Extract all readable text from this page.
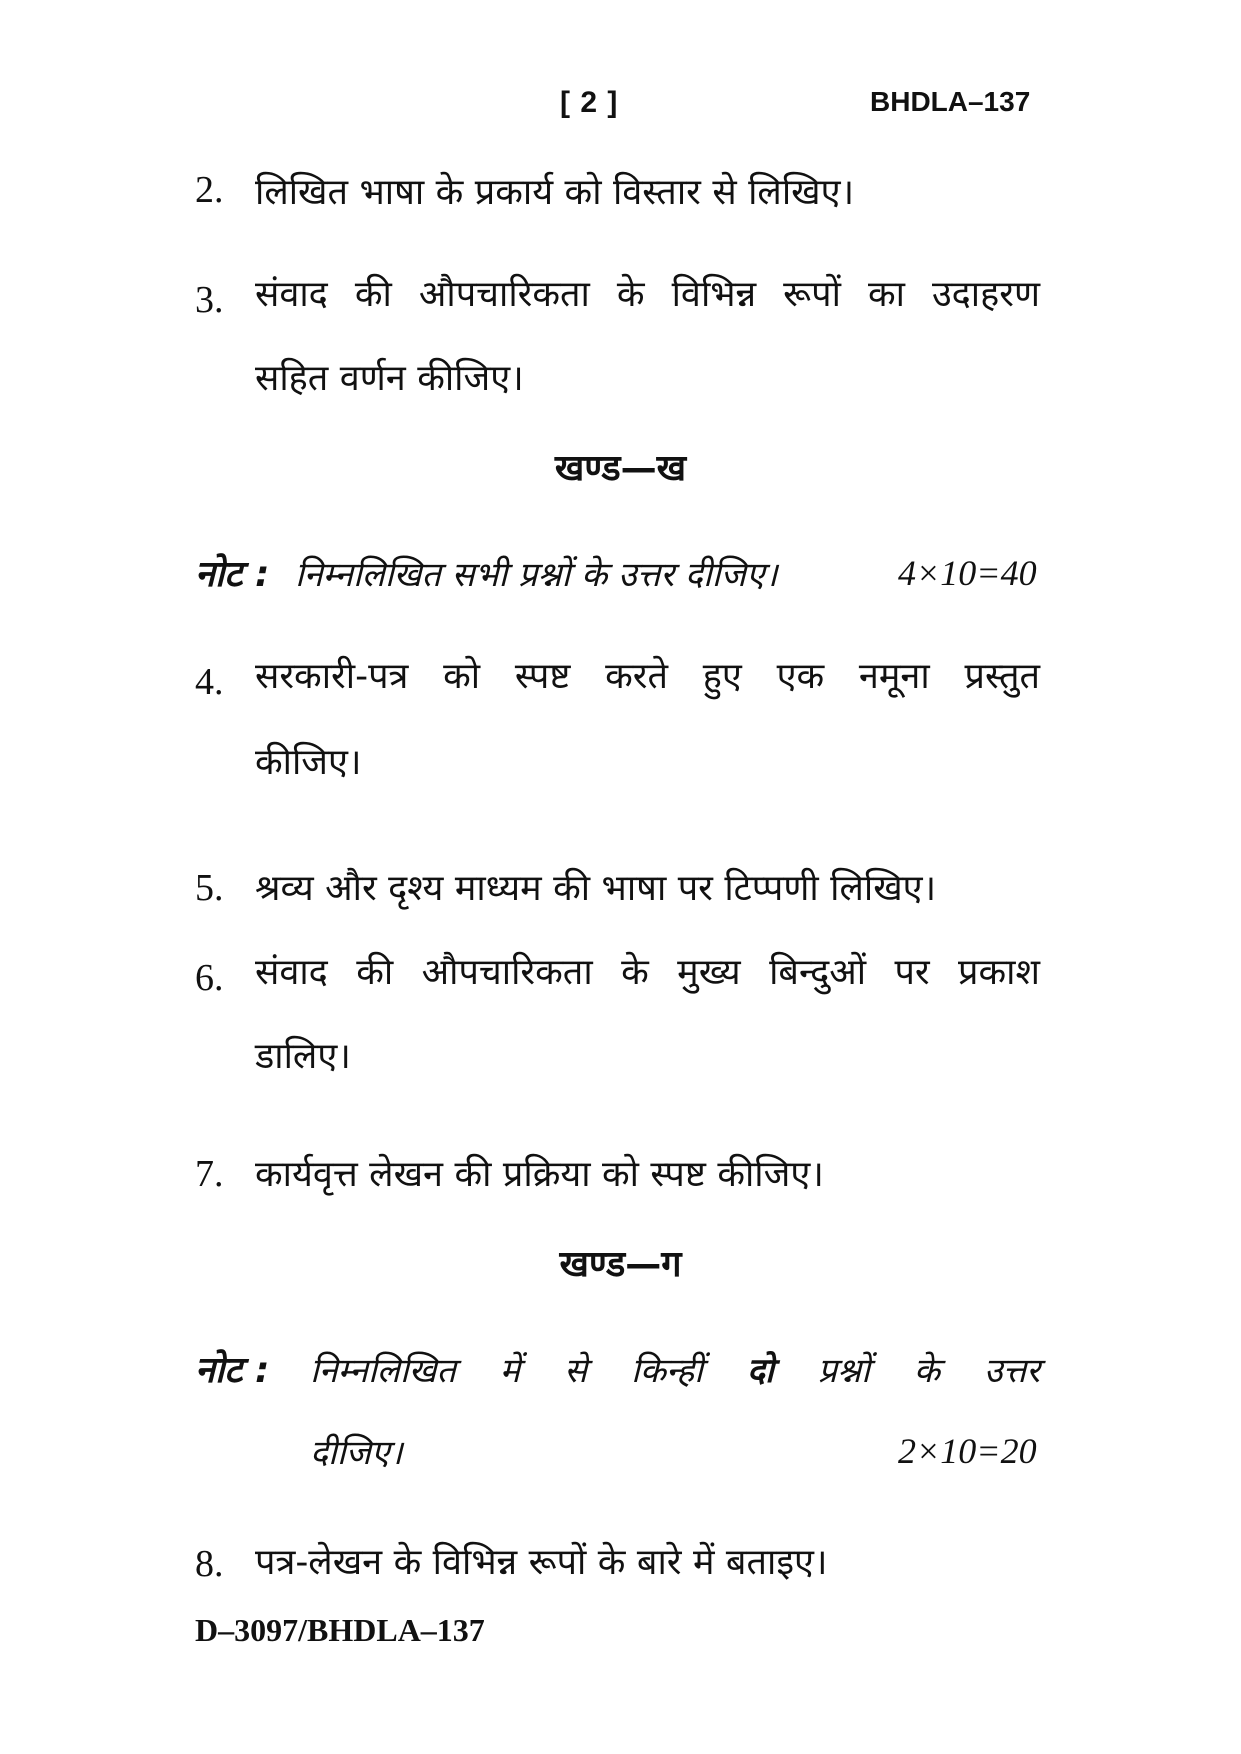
[ 2 ]	BHDLA–137
2. लिखित भाषा के प्रकार्य को विस्तार से लिखिए।
3. संवाद की औपचारिकता के विभिन्न रूपों का उदाहरण
सहित वर्णन कीजिए।
खण्ड—ख
नोट : निम्नलिखित सभी प्रश्नों के उत्तर दीजिए।	4×10=40
4. सरकारी-पत्र को स्पष्ट करते हुए एक नमूना प्रस्तुत
कीजिए।
5. श्रव्य और दृश्य माध्यम की भाषा पर टिप्पणी लिखिए।
6. संवाद की औपचारिकता के मुख्य बिन्दुओं पर प्रकाश
डालिए।
7. कार्यवृत्त लेखन की प्रक्रिया को स्पष्ट कीजिए।
खण्ड—ग
नोट : निम्नलिखित में से किन्हीं दो प्रश्नों के उत्तर
दीजिए।	2×10=20
8. पत्र-लेखन के विभिन्न रूपों के बारे में बताइए।
D–3097/BHDLA–137
